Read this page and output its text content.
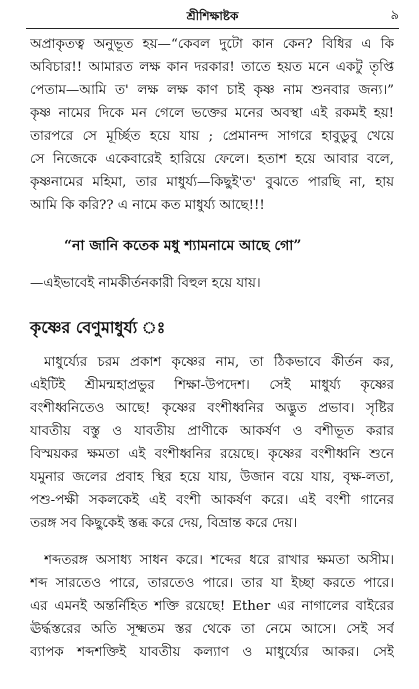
শ্রীশিক্ষাষ্টক	৯
অপ্রাকৃতত্ব অনুভূত হয়—“কেবল দুটো কান কেন? বিধির এ কি
অবিচার!! আমারত লক্ষ কান দরকার! তাতে হয়ত মনে একটু তৃপ্তি
পেতাম—আমি ত' লক্ষ লক্ষ কাণ চাই কৃষ্ণ নাম শুনবার জন্য।”
কৃষ্ণ নামের দিকে মন গেলে ভক্তের মনের অবস্থা এই রকমই হয়!
তারপরে সে মূৰ্চ্ছিত হয়ে যায় ; প্রেমানন্দ সাগরে হাবুডুবু খেয়ে
সে নিজেকে একেবারেই হারিয়ে ফেলে। হতাশ হয়ে আবার বলে,
কৃষ্ণনামের মহিমা, তার মাধুর্য্য—কিছুই'ত' বুঝতে পারছি না, হায়
আমি কি করি?? এ নামে কত মাধুর্য্য আছে!!!
“না জানি কতেক মধু শ্যামনামে আছে গো”
—এইভাবেই নামকীর্তনকারী বিহুল হয়ে যায়।
কৃষ্ণের বেণুমাধুর্য্য ঃ
মাধুর্য্যের চরম প্রকাশ কৃষ্ণের নাম, তা ঠিকভাবে কীর্তন কর,
এইটিই শ্রীমন্মহাপ্রভুর শিক্ষা-উপদেশ। সেই মাধুর্য্য কৃষ্ণের
বংশীধ্বনিতেও আছে! কৃষ্ণের বংশীধ্বনির অদ্ভুত প্রভাব। সৃষ্টির
যাবতীয় বস্তু ও যাবতীয় প্রাণীকে আকর্ষণ ও বশীভূত করার
বিস্ময়কর ক্ষমতা এই বংশীধ্বনির রয়েছে। কৃষ্ণের বংশীধ্বনি শুনে
যমুনার জলের প্রবাহ স্থির হয়ে যায়, উজান বয়ে যায়, বৃক্ষ-লতা,
পশু-পক্ষী সকলকেই এই বংশী আকর্ষণ করে। এই বংশী গানের
তরঙ্গ সব কিছুকেই স্তব্ধ করে দেয়, বিভ্রান্ত করে দেয়।
শব্দতরঙ্গ অসাধ্য সাধন করে। শব্দের ধরে রাখার ক্ষমতা অসীম।
শব্দ সারতেও পারে, তারতেও পারে। তার যা ইচ্ছা করতে পারে।
এর এমনই অন্তর্নিহিত শক্তি রয়েছে! Ether এর নাগালের বাইরের
ঊর্দ্ধস্তরের অতি সূক্ষ্মতম স্তর থেকে তা নেমে আসে। সেই সর্ব
ব্যাপক শব্দশক্তিই যাবতীয় কল্যাণ ও মাধুর্য্যের আকর। সেই
